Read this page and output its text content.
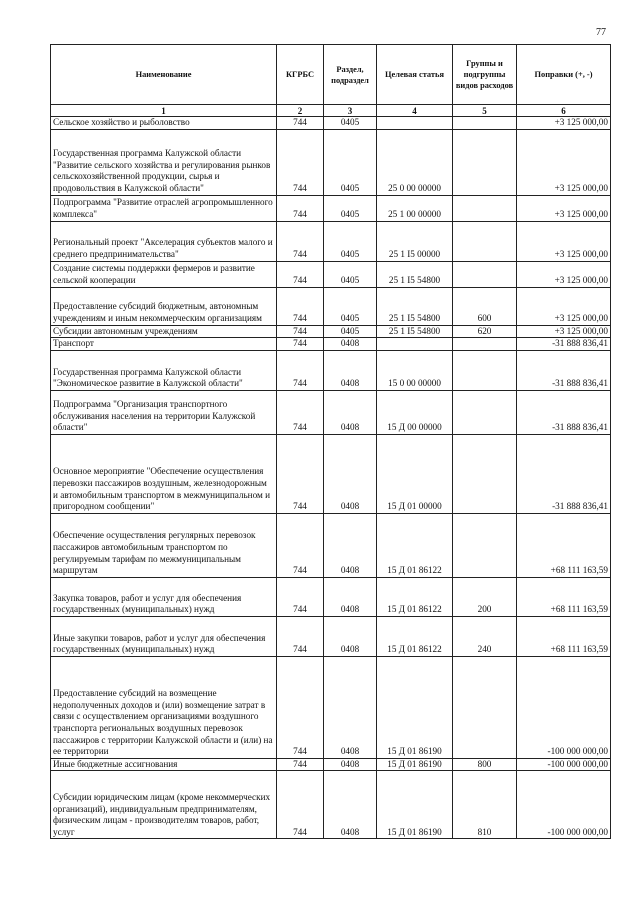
77
Наименование	КГРБС	Раздел, подраздел	Целевая статья	Группы и подгруппы видов расходов	Поправки (+, -)
1	2	3	4	5	6
Сельское хозяйство и рыболовство	744	0405			+3 125 000,00
Государственная программа Калужской области "Развитие сельского хозяйства и регулирования рынков сельскохозяйственной продукции, сырья и продовольствия в Калужской области"	744	0405	25 0 00 00000		+3 125 000,00
Подпрограмма "Развитие отраслей агропромышленного комплекса"	744	0405	25 1 00 00000		+3 125 000,00
Региональный проект "Акселерация субъектов малого и среднего предпринимательства"	744	0405	25 1 I5 00000		+3 125 000,00
Создание системы поддержки фермеров и развитие сельской кооперации	744	0405	25 1 I5 54800		+3 125 000,00
Предоставление субсидий бюджетным, автономным учреждениям и иным некоммерческим организациям	744	0405	25 1 I5 54800	600	+3 125 000,00
Субсидии автономным учреждениям	744	0405	25 1 I5 54800	620	+3 125 000,00
Транспорт	744	0408			-31 888 836,41
Государственная программа Калужской области "Экономическое развитие в Калужской области"	744	0408	15 0 00 00000		-31 888 836,41
Подпрограмма "Организация транспортного обслуживания населения на территории Калужской области"	744	0408	15 Д 00 00000		-31 888 836,41
Основное мероприятие "Обеспечение осуществления перевозки пассажиров воздушным, железнодорожным и автомобильным транспортом в межмуниципальном и пригородном сообщении"	744	0408	15 Д 01 00000		-31 888 836,41
Обеспечение осуществления регулярных перевозок пассажиров автомобильным транспортом по регулируемым тарифам по межмуниципальным маршрутам	744	0408	15 Д 01 86122		+68 111 163,59
Закупка товаров, работ и услуг для обеспечения государственных (муниципальных) нужд	744	0408	15 Д 01 86122	200	+68 111 163,59
Иные закупки товаров, работ и услуг для обеспечения государственных (муниципальных) нужд	744	0408	15 Д 01 86122	240	+68 111 163,59
Предоставление субсидий на возмещение недополученных доходов и (или) возмещение затрат в связи с осуществлением организациями воздушного транспорта региональных воздушных перевозок пассажиров с территории Калужской области и (или) на ее территории	744	0408	15 Д 01 86190		-100 000 000,00
Иные бюджетные ассигнования	744	0408	15 Д 01 86190	800	-100 000 000,00
Субсидии юридическим лицам (кроме некоммерческих организаций), индивидуальным предпринимателям, физическим лицам - производителям товаров, работ, услуг	744	0408	15 Д 01 86190	810	-100 000 000,00
